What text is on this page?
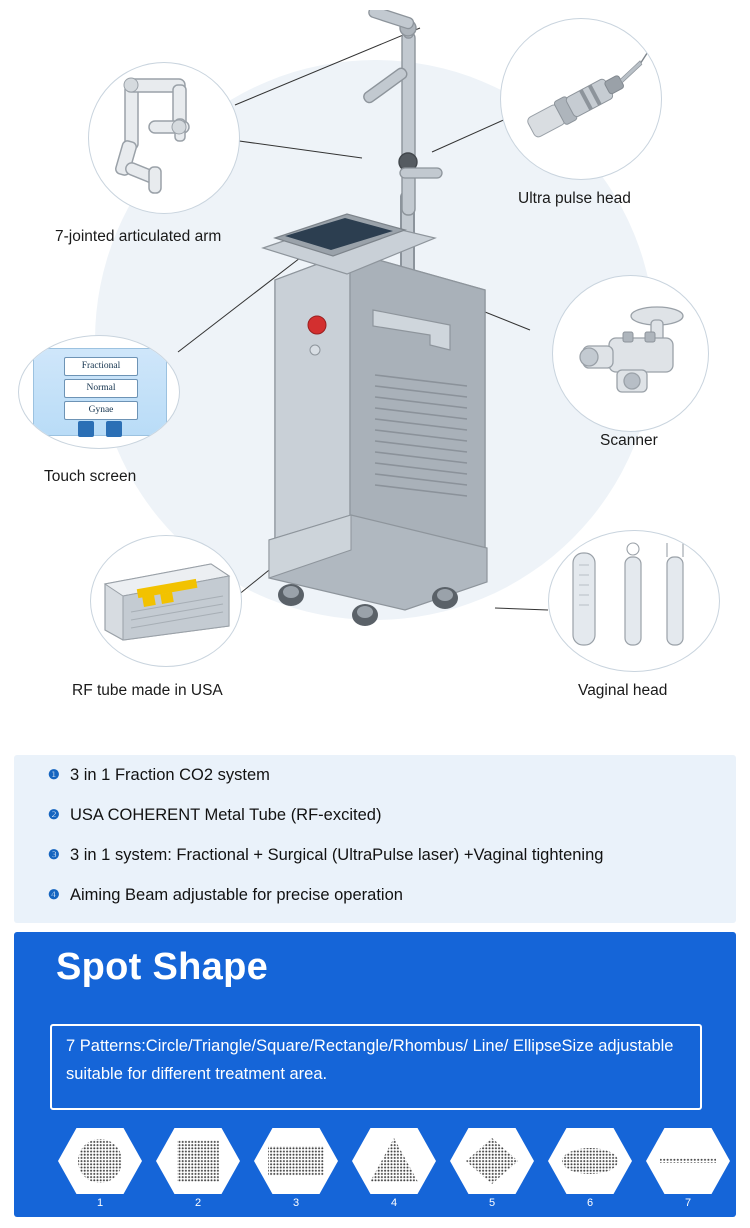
7-jointed articulated arm
Ultra pulse head
Scanner
Vaginal head
RF tube made in USA
Fractional
Normal
Gynae
Touch screen
❶ 3 in 1 Fraction CO2 system
❷ USA COHERENT Metal Tube (RF-excited)
❸ 3 in 1 system: Fractional + Surgical (UltraPulse laser) +Vaginal tightening
❹ Aiming Beam adjustable for precise operation
Spot Shape
7 Patterns:Circle/Triangle/Square/Rectangle/Rhombus/ Line/ EllipseSize adjustable suitable for different treatment area.
1	2	3	4	5	6	7
